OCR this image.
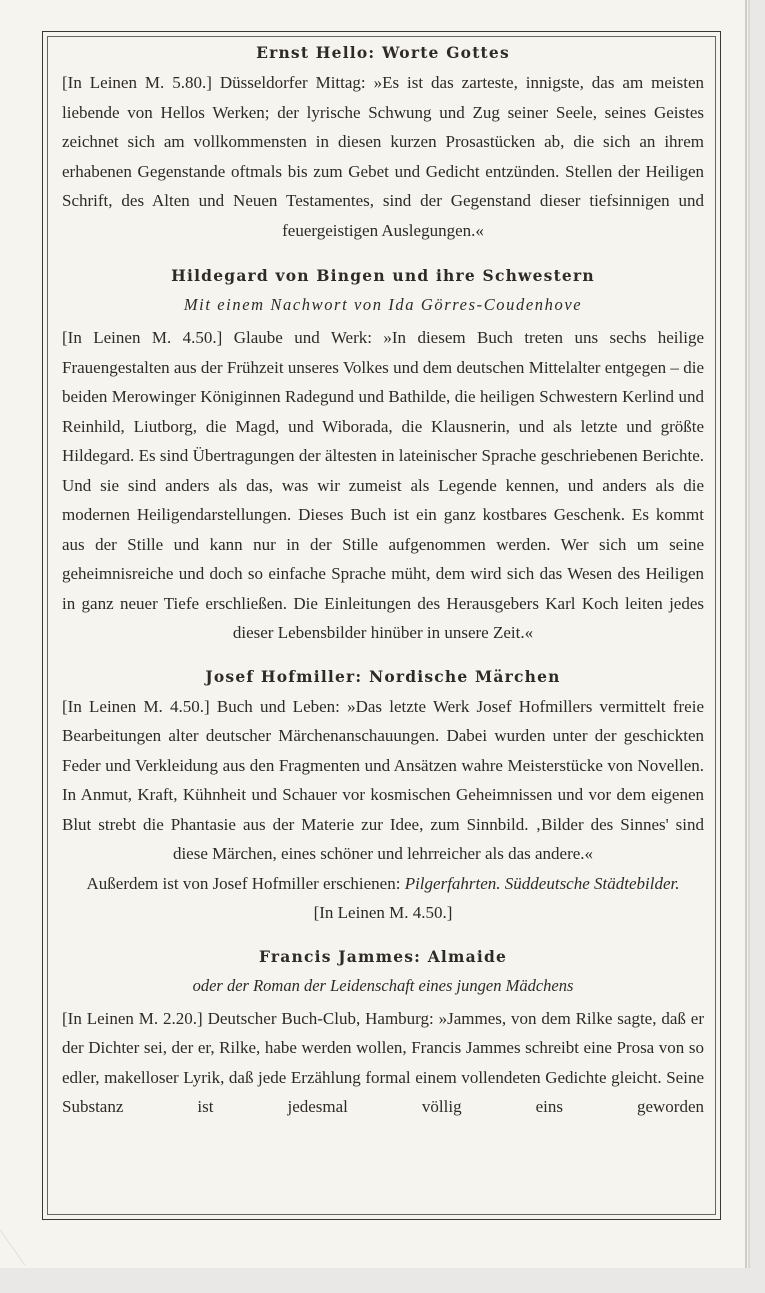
Ernst Hello: Worte Gottes
[In Leinen M. 5.80.] Düsseldorfer Mittag: »Es ist das zarteste, innigste, das am meisten liebende von Hellos Werken; der lyrische Schwung und Zug seiner Seele, seines Geistes zeichnet sich am vollkommensten in diesen kurzen Prosastücken ab, die sich an ihrem erhabenen Gegenstande oftmals bis zum Gebet und Gedicht entzünden. Stellen der Heiligen Schrift, des Alten und Neuen Testamentes, sind der Gegenstand dieser tiefsinnigen und feuergeistigen Auslegungen.«
Hildegard von Bingen und ihre Schwestern
Mit einem Nachwort von Ida Görres-Coudenhove
[In Leinen M. 4.50.] Glaube und Werk: »In diesem Buch treten uns sechs heilige Frauengestalten aus der Frühzeit unseres Volkes und dem deutschen Mittelalter entgegen – die beiden Merowinger Königinnen Radegund und Bathilde, die heiligen Schwestern Kerlind und Reinhild, Liutborg, die Magd, und Wiborada, die Klausnerin, und als letzte und größte Hildegard. Es sind Übertragungen der ältesten in lateinischer Sprache geschriebenen Berichte. Und sie sind anders als das, was wir zumeist als Legende kennen, und anders als die modernen Heiligendarstellungen. Dieses Buch ist ein ganz kostbares Geschenk. Es kommt aus der Stille und kann nur in der Stille aufgenommen werden. Wer sich um seine geheimnisreiche und doch so einfache Sprache müht, dem wird sich das Wesen des Heiligen in ganz neuer Tiefe erschließen. Die Einleitungen des Herausgebers Karl Koch leiten jedes dieser Lebensbilder hinüber in unsere Zeit.«
Josef Hofmiller: Nordische Märchen
[In Leinen M. 4.50.] Buch und Leben: »Das letzte Werk Josef Hofmillers vermittelt freie Bearbeitungen alter deutscher Märchenanschauungen. Dabei wurden unter der geschickten Feder und Verkleidung aus den Fragmenten und Ansätzen wahre Meisterstücke von Novellen. In Anmut, Kraft, Kühnheit und Schauer vor kosmischen Geheimnissen und vor dem eigenen Blut strebt die Phantasie aus der Materie zur Idee, zum Sinnbild. ‚Bilder des Sinnes' sind diese Märchen, eines schöner und lehrreicher als das andere.«
Außerdem ist von Josef Hofmiller erschienen: Pilgerfahrten. Süddeutsche Städtebilder.
[In Leinen M. 4.50.]
Francis Jammes: Almaide
oder der Roman der Leidenschaft eines jungen Mädchens
[In Leinen M. 2.20.] Deutscher Buch-Club, Hamburg: »Jammes, von dem Rilke sagte, daß er der Dichter sei, der er, Rilke, habe werden wollen, Francis Jammes schreibt eine Prosa von so edler, makelloser Lyrik, daß jede Erzählung formal einem vollendeten Gedichte gleicht. Seine Substanz ist jedesmal völlig eins geworden
